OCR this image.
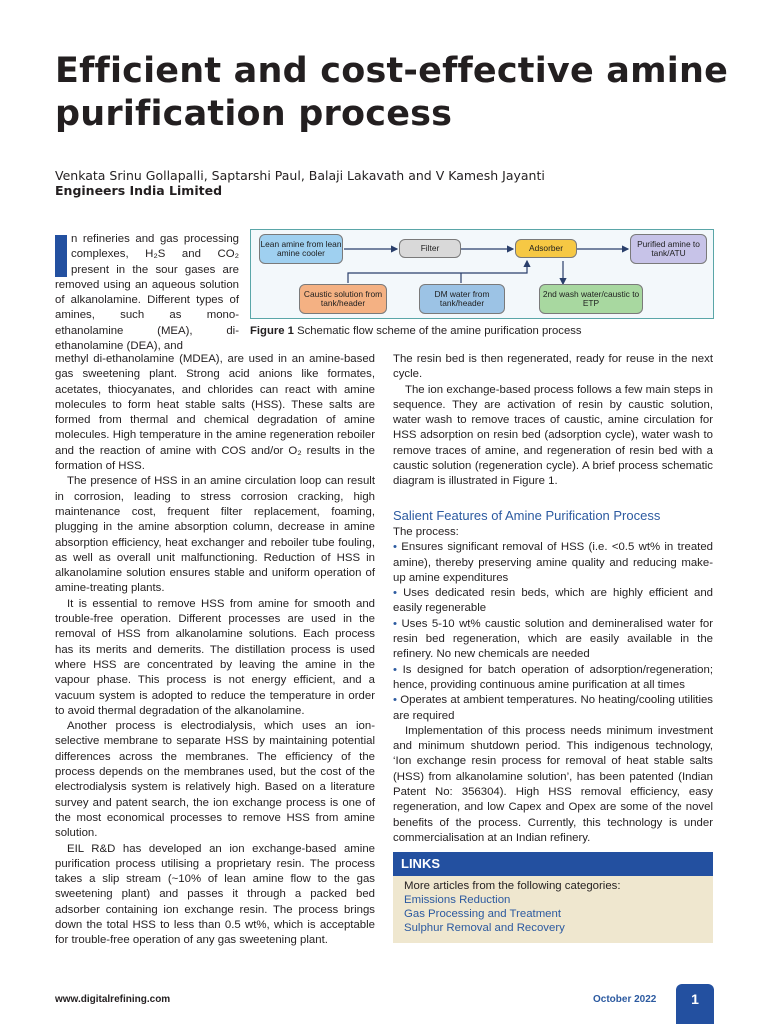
Efficient and cost-effective amine purification process
Venkata Srinu Gollapalli, Saptarshi Paul, Balaji Lakavath and V Kamesh Jayanti
Engineers India Limited
Lean amine from lean amine cooler
Filter	Adsorber	Purified amine to tank/ATU
Caustic solution from tank/header
DM water from tank/header
2nd wash water/caustic to ETP
Figure 1 Schematic flow scheme of the amine purification process

n refineries and gas processing complexes, H₂S and CO₂ present in the sour gases are removed using an aqueous solution of alkanolamine. Different types of amines, such as mono-ethanolamine (MEA), di-ethanolamine (DEA), and

methyl di-ethanolamine (MDEA), are used in an amine-based gas sweetening plant. Strong acid anions like formates, acetates, thiocyanates, and chlorides can react with amine molecules to form heat stable salts (HSS). These salts are formed from thermal and chemical degradation of amine molecules. High temperature in the amine regeneration reboiler and the reaction of amine with COS and/or O₂ results in the formation of HSS.

The presence of HSS in an amine circulation loop can result in corrosion, leading to stress corrosion cracking, high maintenance cost, frequent filter replacement, foaming, plugging in the amine absorption column, decrease in amine absorption efficiency, heat exchanger and reboiler tube fouling, as well as overall unit malfunctioning. Reduction of HSS in alkanolamine solution ensures stable and uniform operation of amine-treating plants.

It is essential to remove HSS from amine for smooth and trouble-free operation. Different processes are used in the removal of HSS from alkanolamine solutions. Each process has its merits and demerits. The distillation process is used where HSS are concentrated by leaving the amine in the vapour phase. This process is not energy efficient, and a vacuum system is adopted to reduce the temperature in order to avoid thermal degradation of the alkanolamine.

Another process is electrodialysis, which uses an ion-selective membrane to separate HSS by maintaining potential differences across the membranes. The efficiency of the process depends on the membranes used, but the cost of the electrodialysis system is relatively high. Based on a literature survey and patent search, the ion exchange process is one of the most economical processes to remove HSS from amine solution.

EIL R&D has developed an ion exchange-based amine purification process utilising a proprietary resin. The process takes a slip stream (~10% of lean amine flow to the gas sweetening plant) and passes it through a packed bed adsorber containing ion exchange resin. The process brings down the total HSS to less than 0.5 wt%, which is acceptable for trouble-free operation of any gas sweetening plant.

The resin bed is then regenerated, ready for reuse in the next cycle.

The ion exchange-based process follows a few main steps in sequence. They are activation of resin by caustic solution, water wash to remove traces of caustic, amine circulation for HSS adsorption on resin bed (adsorption cycle), water wash to remove traces of amine, and regeneration of resin bed with a caustic solution (regeneration cycle). A brief process schematic diagram is illustrated in Figure 1.

Salient Features of Amine Purification Process

The process:

• Ensures significant removal of HSS (i.e. <0.5 wt% in treated amine), thereby preserving amine quality and reducing make-up amine expenditures

• Uses dedicated resin beds, which are highly efficient and easily regenerable

• Uses 5-10 wt% caustic solution and demineralised water for resin bed regeneration, which are easily available in the refinery. No new chemicals are needed

• Is designed for batch operation of adsorption/regeneration; hence, providing continuous amine purification at all times

• Operates at ambient temperatures. No heating/cooling utilities are required

Implementation of this process needs minimum investment and minimum shutdown period. This indigenous technology, ‘Ion exchange resin process for removal of heat stable salts (HSS) from alkanolamine solution’, has been patented (Indian Patent No: 356304). High HSS removal efficiency, easy regeneration, and low Capex and Opex are some of the novel benefits of the process. Currently, this technology is under commercialisation at an Indian refinery.

LINKS
More articles from the following categories:
Emissions Reduction
Gas Processing and Treatment
Sulphur Removal and Recovery
www.digitalrefining.com	October 2022	1
